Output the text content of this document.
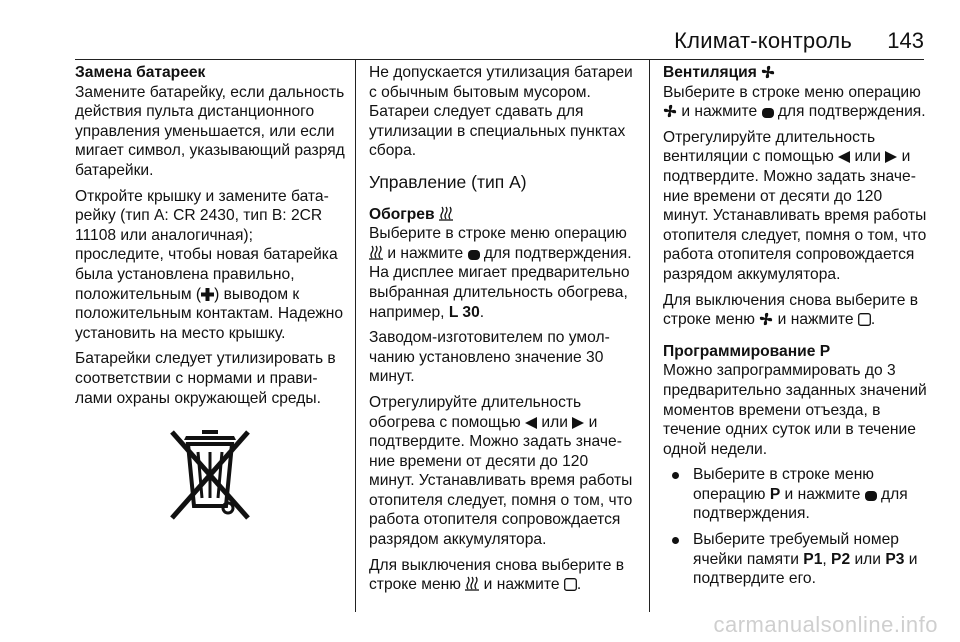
Климат-контроль 143
Замена батареек

Замените батарейку, если дальность действия пульта дистанционного управления уменьшается, или если мигает символ, указывающий разряд батарейки.

Откройте крышку и замените батарейку (тип A: CR 2430, тип B: 2CR 11108 или аналогичная); проследите, чтобы новая батарейка была установлена правильно, положительным ( ) выводом к положительным контактам. Надежно установить на место крышку.

Батарейки следует утилизировать в соответствии с нормами и правилами охраны окружающей среды.

Не допускается утилизация батареи с обычным бытовым мусором. Батареи следует сдавать для утилизации в специальных пунктах сбора.

Управление (тип А)
Обогрев

Выберите в строке меню операцию  и нажмите  для подтверждения. На дисплее мигает предварительно выбранная длительность обогрева, например, L 30.

Заводом-изготовителем по умолчанию установлено значение 30 минут.

Отрегулируйте длительность обогрева с помощью  или  и подтвердите. Можно задать значение времени от десяти до 120 минут. Устанавливать время работы отопителя следует, помня о том, что работа отопителя сопровождается разрядом аккумулятора.

Для выключения снова выберите в строке меню  и нажмите .

Вентиляция

Выберите в строке меню операцию  и нажмите  для подтверждения.

Отрегулируйте длительность вентиляции с помощью  или  и подтвердите. Можно задать значение времени от десяти до 120 минут. Устанавливать время работы отопителя следует, помня о том, что работа отопителя сопровождается разрядом аккумулятора.

Для выключения снова выберите в строке меню  и нажмите .

Программирование P

Можно запрограммировать до 3 предварительно заданных значений моментов времени отъезда, в течение одних суток или в течение одной недели.

Выберите в строке меню операцию P и нажмите  для подтверждения.
Выберите требуемый номер ячейки памяти P1, P2 или P3 и подтвердите его.
carmanualsonline.info
